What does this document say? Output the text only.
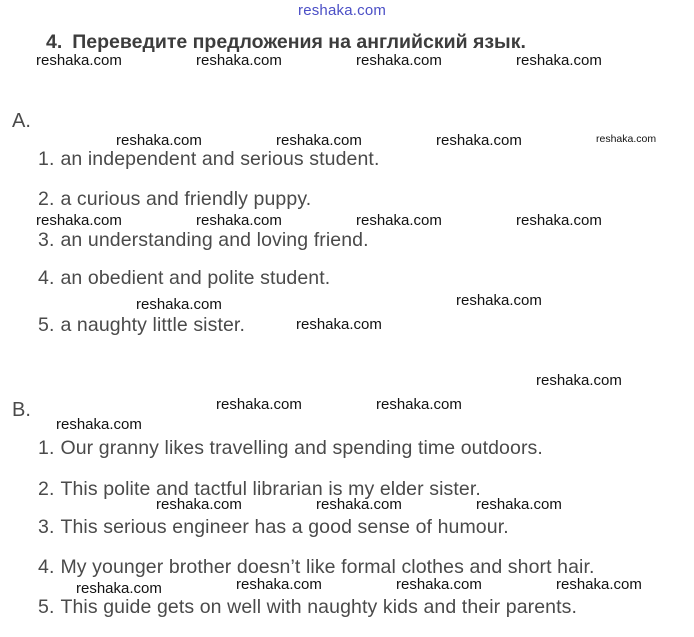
reshaka.com
4. Переведите предложения на английский язык.
A.
1. an independent and serious student.
2. a curious and friendly puppy.
3. an understanding and loving friend.
4. an obedient and polite student.
5. a naughty little sister.
B.
1. Our granny likes travelling and spending time outdoors.
2. This polite and tactful librarian is my elder sister.
3. This serious engineer has a good sense of humour.
4. My younger brother doesn’t like formal clothes and short hair.
5. This guide gets on well with naughty kids and their parents.
reshaka.com	reshaka.com	reshaka.com	reshaka.com
reshaka.com	reshaka.com	reshaka.com	reshaka.com
reshaka.com	reshaka.com	reshaka.com	reshaka.com
reshaka.com	reshaka.com
reshaka.com
reshaka.com
reshaka.com	reshaka.com
reshaka.com
reshaka.com	reshaka.com	reshaka.com
reshaka.com	reshaka.com	reshaka.com	reshaka.com
